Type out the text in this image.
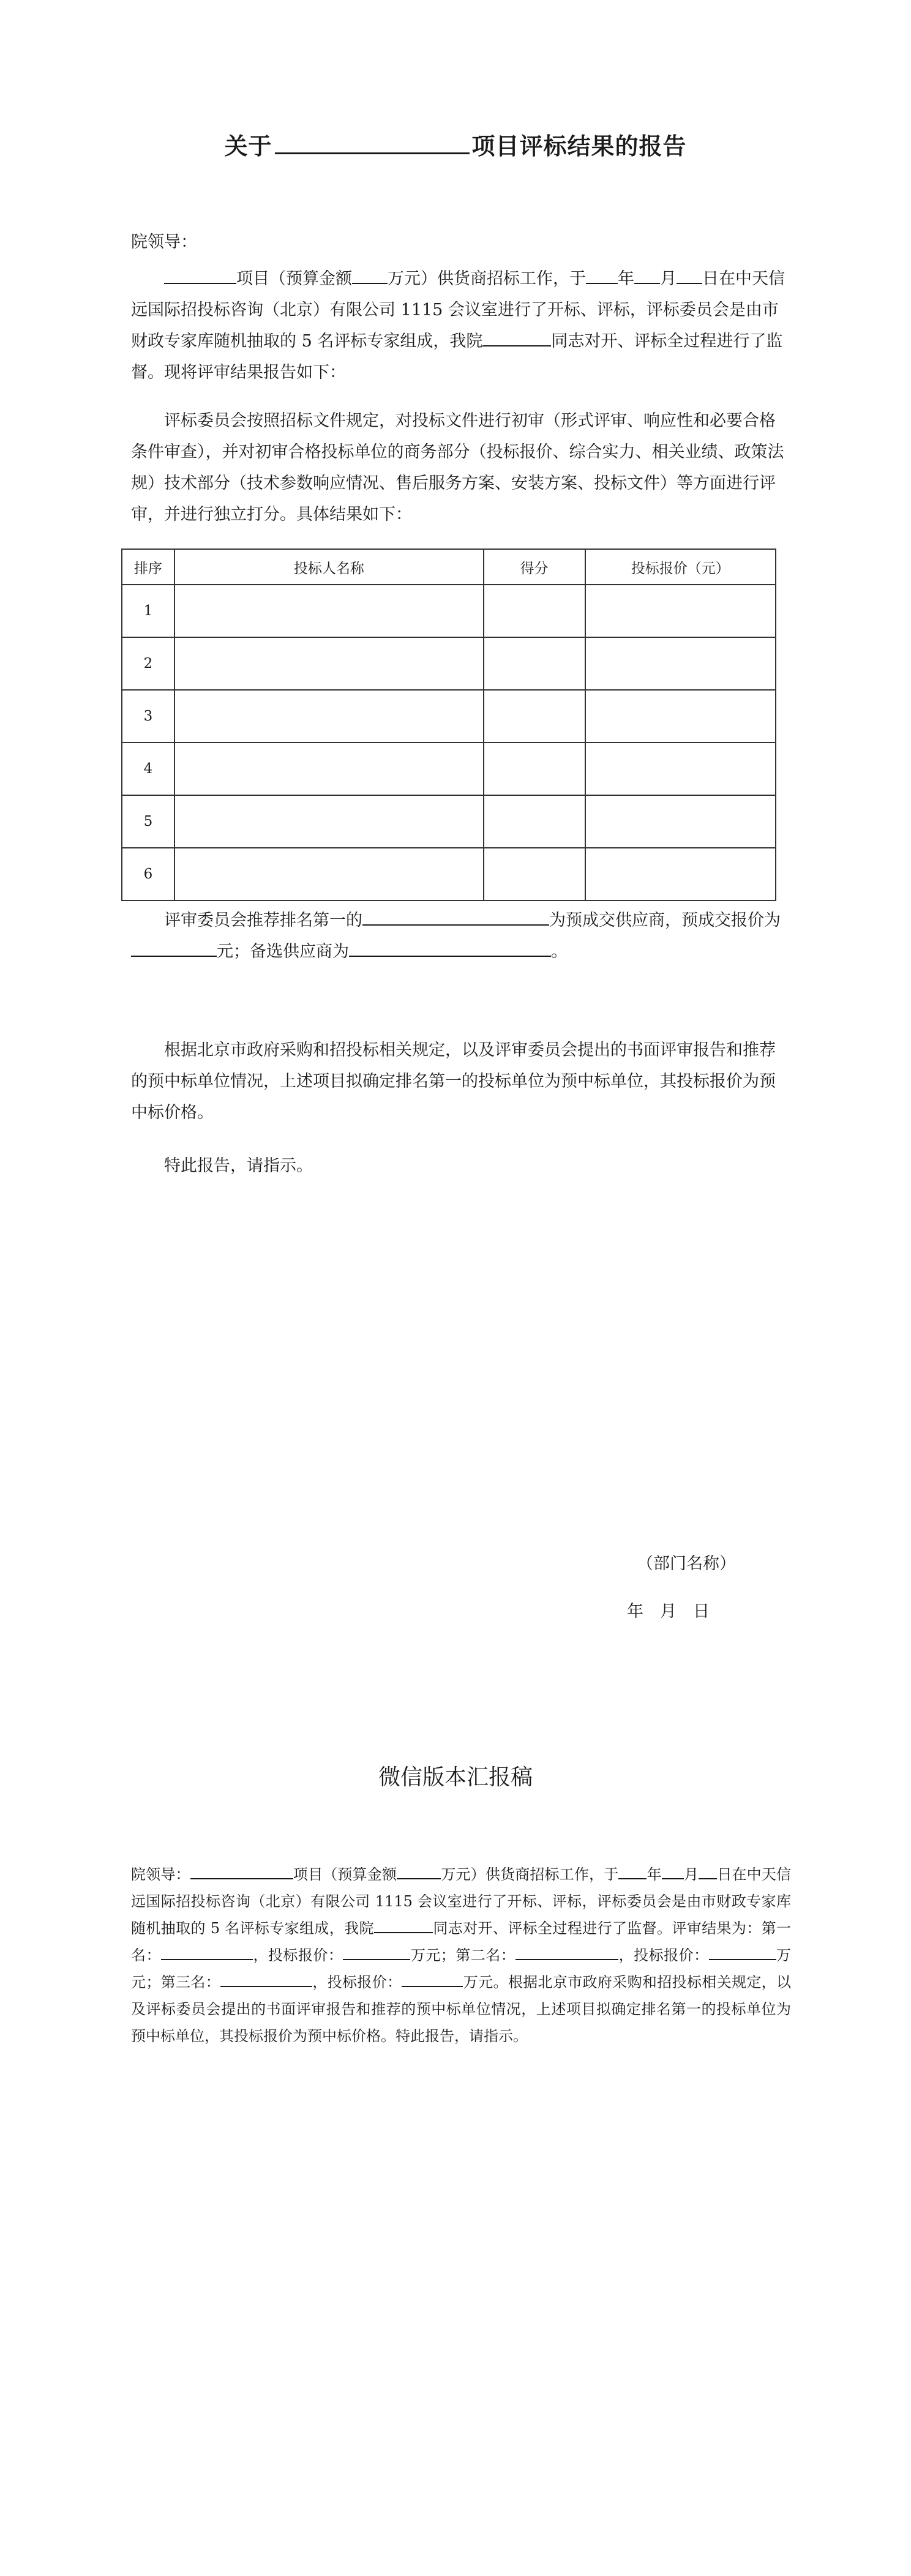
关于	项目评标结果的报告
院领导：
项目（预算金额 万元）供货商招标工作，于 年 月 日在中天信远国际招投标咨询（北京）有限公司 1115 会议室进行了开标、评标，评标委员会是由市财政专家库随机抽取的 5 名评标专家组成，我院	同志对开、评标全过程进行了监督。现将评审结果报告如下：
评标委员会按照招标文件规定，对投标文件进行初审（形式评审、响应性和必要合格条件审查），并对初审合格投标单位的商务部分（投标报价、综合实力、相关业绩、政策法规）技术部分（技术参数响应情况、售后服务方案、安装方案、投标文件）等方面进行评审，并进行独立打分。具体结果如下：
排序	投标人名称	得分	投标报价（元）
1			
2			
3			
4			
5			
6			
评审委员会推荐排名第一的	为预成交供应商，预成交报价为元；备选供应商为	。
根据北京市政府采购和招投标相关规定，以及评审委员会提出的书面评审报告和推荐的预中标单位情况，上述项目拟确定排名第一的投标单位为预中标单位，其投标报价为预中标价格。
特此报告，请指示。
（部门名称）
年　月　日
微信版本汇报稿
院领导：	项目（预算金额	万元）供货商招标工作，于 年 月 日在中天信远国际招投标咨询（北京）有限公司 1115 会议室进行了开标、评标，评标委员会是由市财政专家库随机抽取的 5 名评标专家组成，我院	同志对开、评标全过程进行了监督。评审结果为：第一名：	，投标报价：	万元；第二名：	，投标报价：	万元；第三名：	，投标报价：	万元。根据北京市政府采购和招投标相关规定，以及评标委员会提出的书面评审报告和推荐的预中标单位情况，上述项目拟确定排名第一的投标单位为预中标单位，其投标报价为预中标价格。特此报告，请指示。
